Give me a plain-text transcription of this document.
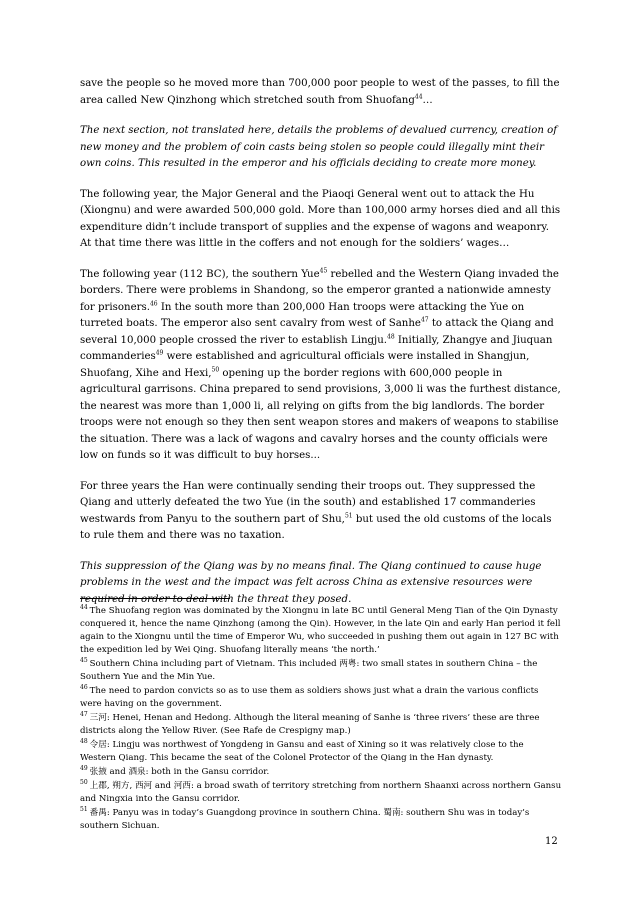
save the people so he moved more than 700,000 poor people to west of the passes, to fill the area called New Qinzhong which stretched south from Shuofang$^{44}$…

The next section, not translated here, details the problems of devalued currency, creation of new money and the problem of coin casts being stolen so people could illegally mint their own coins. This resulted in the emperor and his officials deciding to create more money.

The following year, the Major General and the Piaoqi General went out to attack the Hu (Xiongnu) and were awarded 500,000 gold. More than 100,000 army horses died and all this expenditure didn’t include transport of supplies and the expense of wagons and weaponry. At that time there was little in the coffers and not enough for the soldiers’ wages…

The following year (112 BC), the southern Yue$^{45}$ rebelled and the Western Qiang invaded the borders. There were problems in Shandong, so the emperor granted a nationwide amnesty for prisoners.$^{46}$ In the south more than 200,000 Han troops were attacking the Yue on turreted boats. The emperor also sent cavalry from west of Sanhe$^{47}$ to attack the Qiang and several 10,000 people crossed the river to establish Lingju.$^{48}$ Initially, Zhangye and Jiuquan commanderies$^{49}$ were established and agricultural officials were installed in Shangjun, Shuofang, Xihe and Hexi,$^{50}$ opening up the border regions with 600,000 people in agricultural garrisons. China prepared to send provisions, 3,000 li was the furthest distance, the nearest was more than 1,000 li, all relying on gifts from the big landlords. The border troops were not enough so they then sent weapon stores and makers of weapons to stabilise the situation. There was a lack of wagons and cavalry horses and the county officials were low on funds so it was difficult to buy horses...

For three years the Han were continually sending their troops out. They suppressed the Qiang and utterly defeated the two Yue (in the south) and established 17 commanderies westwards from Panyu to the southern part of Shu,$^{51}$ but used the old customs of the locals to rule them and there was no taxation.

This suppression of the Qiang was by no means final. The Qiang continued to cause huge problems in the west and the impact was felt across China as extensive resources were required in order to deal with the threat they posed.

$^{44}$ The Shuofang region was dominated by the Xiongnu in late BC until General Meng Tian of the Qin Dynasty conquered it, hence the name Qinzhong (among the Qin). However, in the late Qin and early Han period it fell again to the Xiongnu until the time of Emperor Wu, who succeeded in pushing them out again in 127 BC with the expedition led by Wei Qing. Shuofang literally means ‘the north.’

$^{45}$ Southern China including part of Vietnam. This included 两粤: two small states in southern China – the Southern Yue and the Min Yue.

$^{46}$ The need to pardon convicts so as to use them as soldiers shows just what a drain the various conflicts were having on the government.

$^{47}$ 三河: Henei, Henan and Hedong. Although the literal meaning of Sanhe is ‘three rivers’ these are three districts along the Yellow River. (See Rafe de Crespigny map.)

$^{48}$ 令居: Lingju was northwest of Yongdeng in Gansu and east of Xining so it was relatively close to the Western Qiang. This became the seat of the Colonel Protector of the Qiang in the Han dynasty.

$^{49}$ 张掖 and 酒泉: both in the Gansu corridor.

$^{50}$ 上郡, 朔方, 西河 and 河西: a broad swath of territory stretching from northern Shaanxi across northern Gansu and Ningxia into the Gansu corridor.

$^{51}$ 番禺: Panyu was in today’s Guangdong province in southern China. 蜀南: southern Shu was in today’s southern Sichuan.

12
